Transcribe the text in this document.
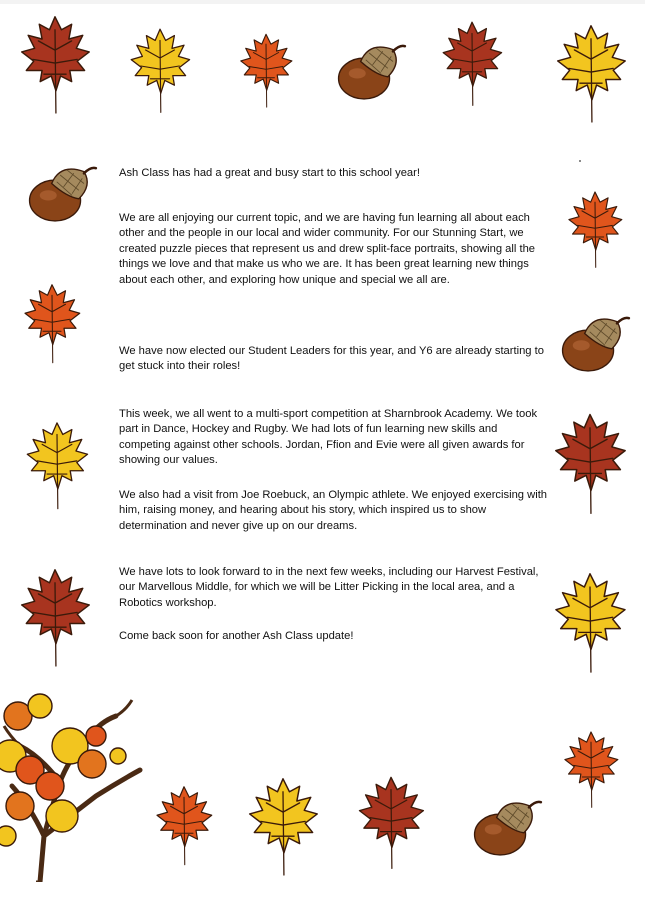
Ash Class has had a great and busy start to this school year!

We are all enjoying our current topic, and we are having fun learning all about each other and the people in our local and wider community. For our Stunning Start, we created puzzle pieces that represent us and drew split-face portraits, showing all the things we love and that make us who we are. It has been great learning new things about each other, and exploring how unique and special we all are.

We have now elected our Student Leaders for this year, and Y6 are already starting to get stuck into their roles!

This week, we all went to a multi-sport competition at Sharnbrook Academy. We took part in Dance, Hockey and Rugby. We had lots of fun learning new skills and competing against other schools. Jordan, Ffion and Evie were all given awards for showing our values.

We also had a visit from Joe Roebuck, an Olympic athlete. We enjoyed exercising with him, raising money, and hearing about his story, which inspired us to show determination and never give up on our dreams.

We have lots to look forward to in the next few weeks, including our Harvest Festival, our Marvellous Middle, for which we will be Litter Picking in the local area, and a Robotics workshop.

Come back soon for another Ash Class update!
